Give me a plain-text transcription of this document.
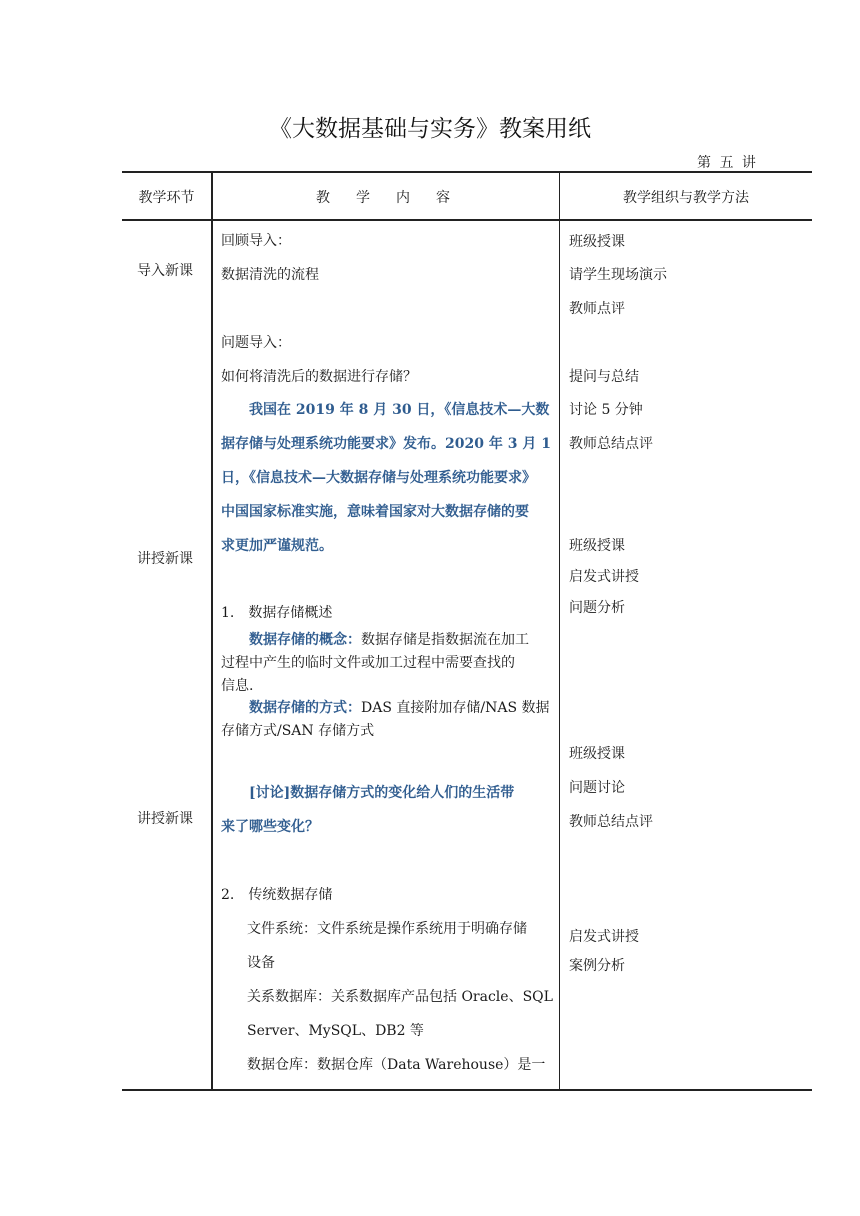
《大数据基础与实务》教案用纸
第 五 讲
教学环节	教　学　内　容	教学组织与教学方法
导入新课
讲授新课
讲授新课
回顾导入：
数据清洗的流程
问题导入：
如何将清洗后的数据进行存储？
我国在 2019 年 8 月 30 日，《信息技术—大数
据存储与处理系统功能要求》发布。2020 年 3 月 1
日，《信息技术—大数据存储与处理系统功能要求》
中国国家标准实施，意味着国家对大数据存储的要
求更加严谨规范。
1.　数据存储概述
数据存储的概念：数据存储是指数据流在加工
过程中产生的临时文件或加工过程中需要查找的
信息.
数据存储的方式：DAS 直接附加存储/NAS 数据
存储方式/SAN 存储方式
[讨论]数据存储方式的变化给人们的生活带
来了哪些变化？
2.　传统数据存储
文件系统：文件系统是操作系统用于明确存储
设备
关系数据库：关系数据库产品包括 Oracle、SQL
Server、MySQL、DB2 等
数据仓库：数据仓库（Data Warehouse）是一
班级授课
请学生现场演示
教师点评
提问与总结
讨论 5 分钟
教师总结点评
班级授课
启发式讲授
问题分析
班级授课
问题讨论
教师总结点评
启发式讲授
案例分析
